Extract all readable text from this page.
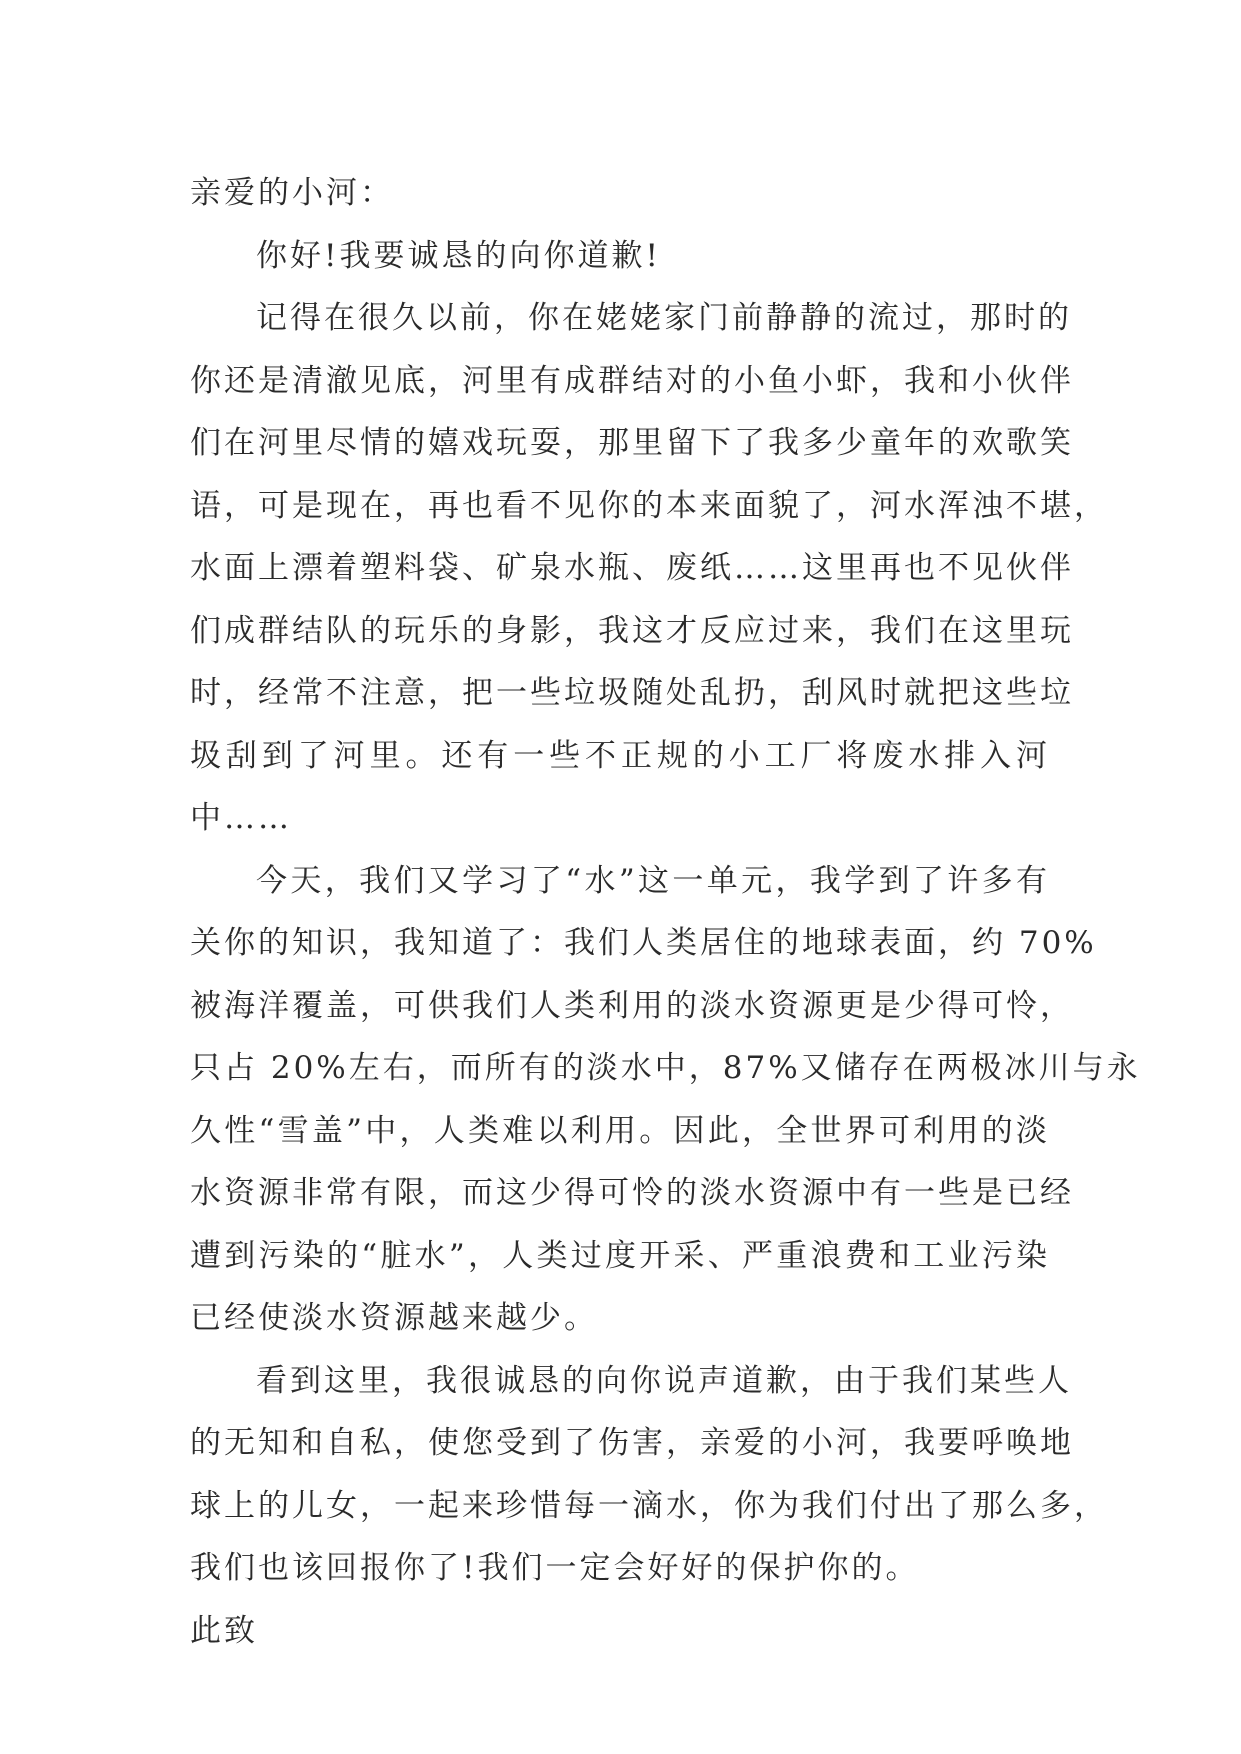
亲爱的小河：
你好!我要诚恳的向你道歉!
记得在很久以前，你在姥姥家门前静静的流过，那时的
你还是清澈见底，河里有成群结对的小鱼小虾，我和小伙伴
们在河里尽情的嬉戏玩耍，那里留下了我多少童年的欢歌笑
语，可是现在，再也看不见你的本来面貌了，河水浑浊不堪，
水面上漂着塑料袋、矿泉水瓶、废纸……这里再也不见伙伴
们成群结队的玩乐的身影，我这才反应过来，我们在这里玩
时，经常不注意，把一些垃圾随处乱扔，刮风时就把这些垃
圾刮到了河里。还有一些不正规的小工厂将废水排入河
中……
今天，我们又学习了“水”这一单元，我学到了许多有
关你的知识，我知道了：我们人类居住的地球表面，约 70%
被海洋覆盖，可供我们人类利用的淡水资源更是少得可怜，
只占 20%左右，而所有的淡水中，87%又储存在两极冰川与永
久性“雪盖”中，人类难以利用。因此，全世界可利用的淡
水资源非常有限，而这少得可怜的淡水资源中有一些是已经
遭到污染的“脏水”，人类过度开采、严重浪费和工业污染
已经使淡水资源越来越少。
看到这里，我很诚恳的向你说声道歉，由于我们某些人
的无知和自私，使您受到了伤害，亲爱的小河，我要呼唤地
球上的儿女，一起来珍惜每一滴水，你为我们付出了那么多，
我们也该回报你了!我们一定会好好的保护你的。
此致
